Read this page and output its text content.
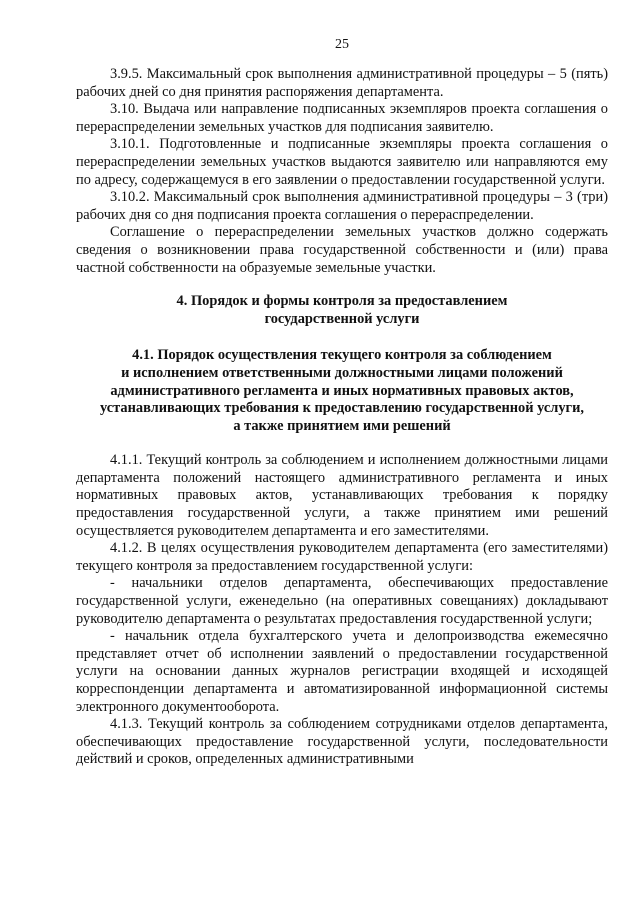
25

3.9.5. Максимальный срок выполнения административной процедуры – 5 (пять) рабочих дней со дня принятия распоряжения департамента.

3.10. Выдача или направление подписанных экземпляров проекта соглашения о перераспределении земельных участков для подписания заявителю.

3.10.1. Подготовленные и подписанные экземпляры проекта соглашения о перераспределении земельных участков выдаются заявителю или направляются ему по адресу, содержащемуся в его заявлении о предоставлении государственной услуги.

3.10.2. Максимальный срок выполнения административной процедуры – 3 (три) рабочих дня со дня подписания проекта соглашения о перераспределении.

Соглашение о перераспределении земельных участков должно содержать сведения о возникновении права государственной собственности и (или) права частной собственности на образуемые земельные участки.

4. Порядок и формы контроля за предоставлением
государственной услуги
4.1. Порядок осуществления текущего контроля за соблюдением
и исполнением ответственными должностными лицами положений
административного регламента и иных нормативных правовых актов,
устанавливающих требования к предоставлению государственной услуги,
а также принятием ими решений

4.1.1. Текущий контроль за соблюдением и исполнением должностными лицами департамента положений настоящего административного регламента и иных нормативных правовых актов, устанавливающих требования к порядку предоставления государственной услуги, а также принятием ими решений осуществляется руководителем департамента и его заместителями.

4.1.2. В целях осуществления руководителем департамента (его заместителями) текущего контроля за предоставлением государственной услуги:

- начальники отделов департамента, обеспечивающих предоставление государственной услуги, еженедельно (на оперативных совещаниях) докладывают руководителю департамента о результатах предоставления государственной услуги;

- начальник отдела бухгалтерского учета и делопроизводства ежемесячно представляет отчет об исполнении заявлений о предоставлении государственной услуги на основании данных журналов регистрации входящей и исходящей корреспонденции департамента и автоматизированной информационной системы электронного документооборота.

4.1.3. Текущий контроль за соблюдением сотрудниками отделов департамента, обеспечивающих предоставление государственной услуги, последовательности действий и сроков, определенных административными
